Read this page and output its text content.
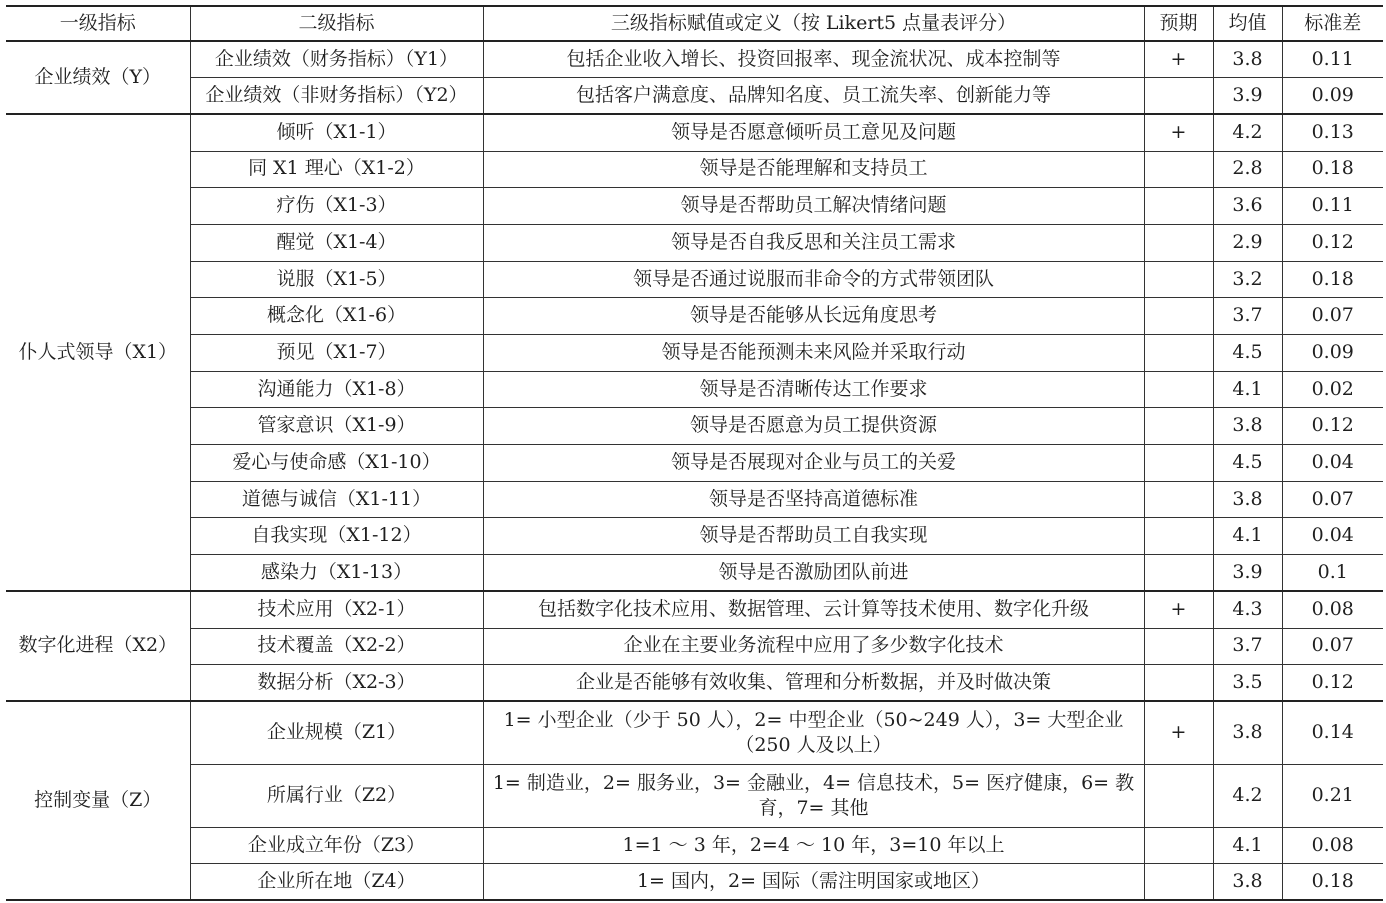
一级指标	二级指标	三级指标赋值或定义（按 Likert5 点量表评分）	预期	均值	标准差
企业绩效（Y）	企业绩效（财务指标）（Y1）	包括企业收入增长、投资回报率、现金流状况、成本控制等	+	3.8	0.11
	企业绩效（非财务指标）（Y2）	包括客户满意度、品牌知名度、员工流失率、创新能力等		3.9	0.09
仆人式领导（X1）	倾听（X1-1）	领导是否愿意倾听员工意见及问题	+	4.2	0.13
	同 X1 理心（X1-2）	领导是否能理解和支持员工		2.8	0.18
	疗伤（X1-3）	领导是否帮助员工解决情绪问题		3.6	0.11
	醒觉（X1-4）	领导是否自我反思和关注员工需求		2.9	0.12
	说服（X1-5）	领导是否通过说服而非命令的方式带领团队		3.2	0.18
	概念化（X1-6）	领导是否能够从长远角度思考		3.7	0.07
	预见（X1-7）	领导是否能预测未来风险并采取行动		4.5	0.09
	沟通能力（X1-8）	领导是否清晰传达工作要求		4.1	0.02
	管家意识（X1-9）	领导是否愿意为员工提供资源		3.8	0.12
	爱心与使命感（X1-10）	领导是否展现对企业与员工的关爱		4.5	0.04
	道德与诚信（X1-11）	领导是否坚持高道德标准		3.8	0.07
	自我实现（X1-12）	领导是否帮助员工自我实现		4.1	0.04
	感染力（X1-13）	领导是否激励团队前进		3.9	0.1
数字化进程（X2）	技术应用（X2-1）	包括数字化技术应用、数据管理、云计算等技术使用、数字化升级	+	4.3	0.08
	技术覆盖（X2-2）	企业在主要业务流程中应用了多少数字化技术		3.7	0.07
	数据分析（X2-3）	企业是否能够有效收集、管理和分析数据，并及时做决策		3.5	0.12
控制变量（Z）	企业规模（Z1）	1= 小型企业（少于 50 人），2= 中型企业（50~249 人），3= 大型企业（250 人及以上）	+	3.8	0.14
	所属行业（Z2）	1= 制造业，2= 服务业，3= 金融业，4= 信息技术，5= 医疗健康，6= 教育，7= 其他		4.2	0.21
	企业成立年份（Z3）	1=1 ～ 3 年，2=4 ～ 10 年，3=10 年以上		4.1	0.08
	企业所在地（Z4）	1= 国内，2= 国际（需注明国家或地区）		3.8	0.18
